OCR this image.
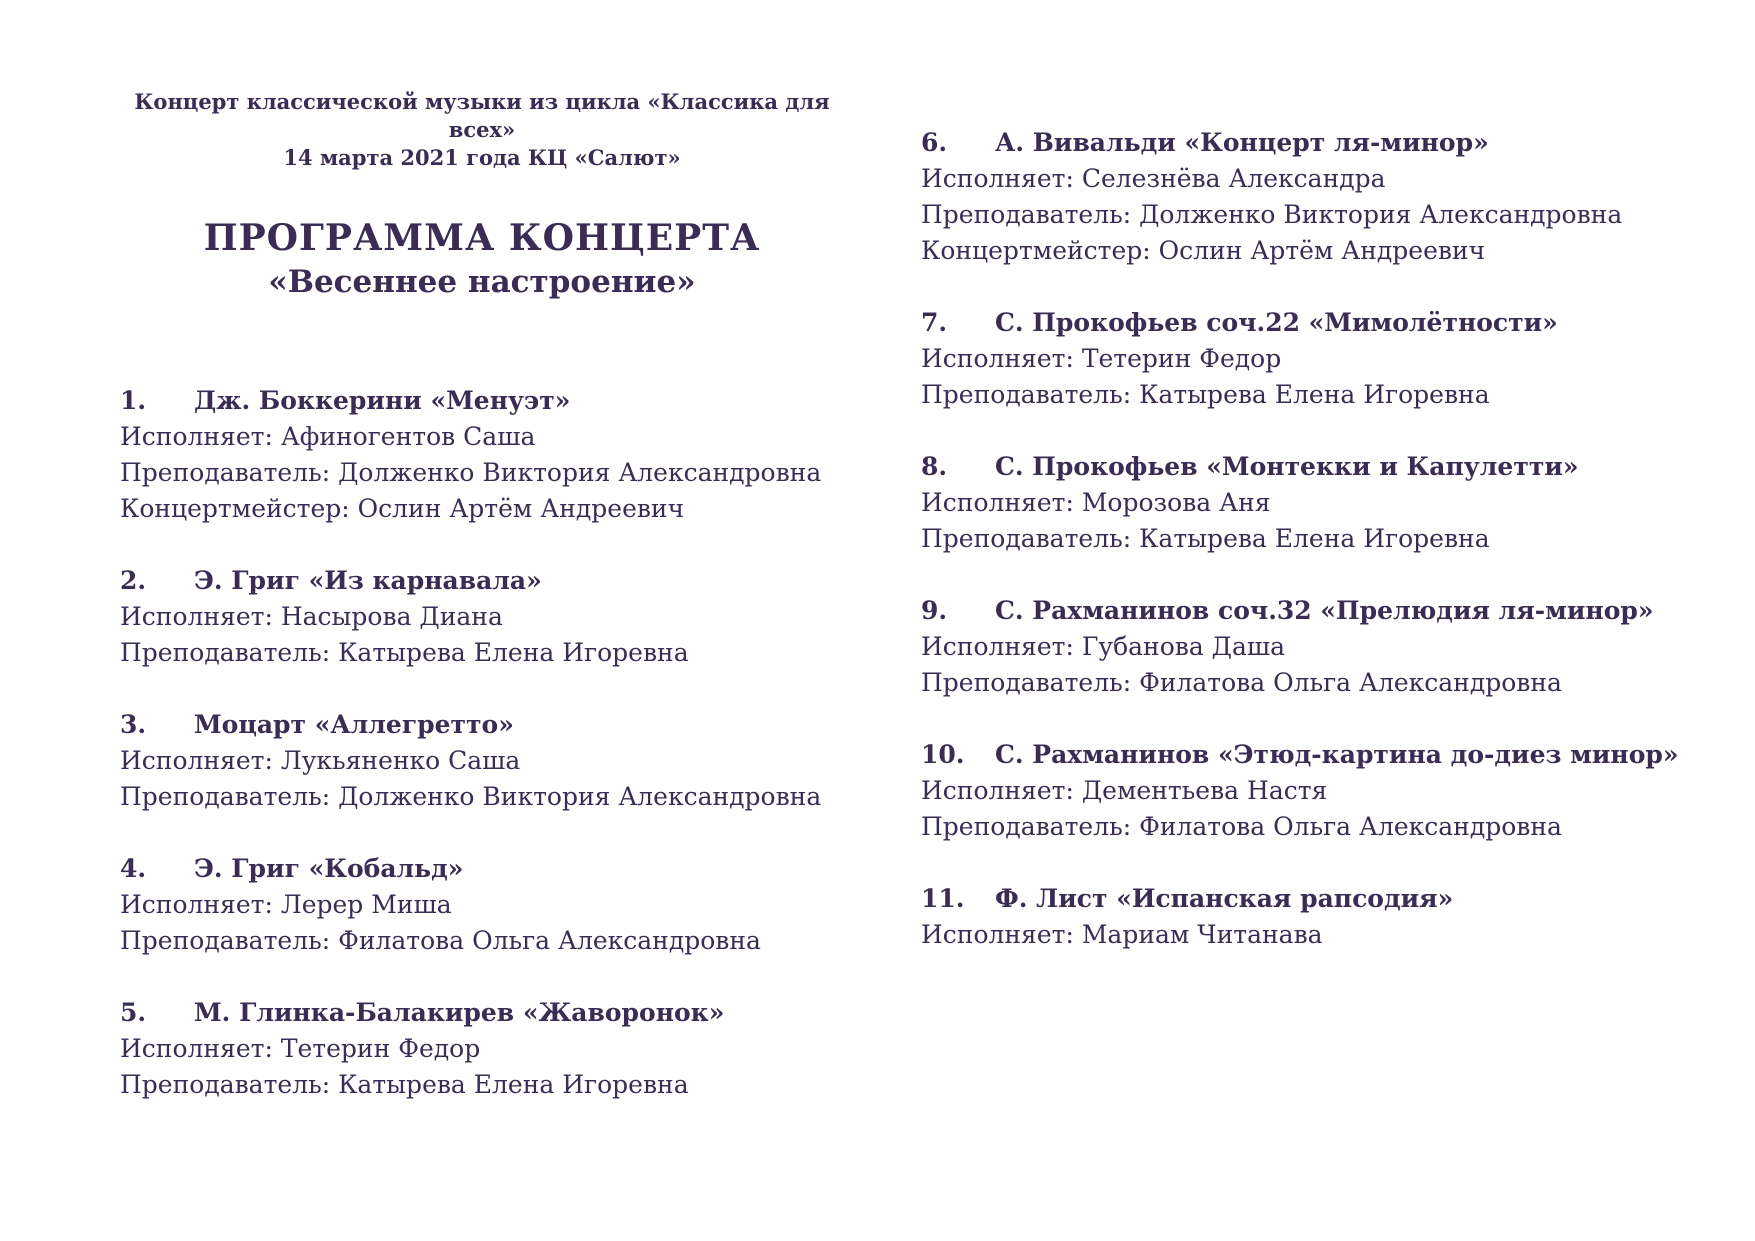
Концерт классической музыки из цикла «Классика для всех»
14 марта 2021 года КЦ «Салют»
ПРОГРАММА КОНЦЕРТА
«Весеннее настроение»
1. Дж. Боккерини «Менуэт»
Исполняет: Афиногентов Саша
Преподаватель: Долженко Виктория Александровна
Концертмейстер: Ослин Артём Андреевич
2. Э. Григ «Из карнавала»
Исполняет: Насырова Диана
Преподаватель: Катырева Елена Игоревна
3. Моцарт «Аллегретто»
Исполняет: Лукьяненко Саша
Преподаватель: Долженко Виктория Александровна
4. Э. Григ «Кобальд»
Исполняет: Лерер Миша
Преподаватель: Филатова Ольга Александровна
5. М. Глинка-Балакирев «Жаворонок»
Исполняет: Тетерин Федор
Преподаватель: Катырева Елена Игоревна
6. А. Вивальди «Концерт ля-минор»
Исполняет: Селезнёва Александра
Преподаватель: Долженко Виктория Александровна
Концертмейстер: Ослин Артём Андреевич
7. С. Прокофьев соч.22 «Мимолётности»
Исполняет: Тетерин Федор
Преподаватель: Катырева Елена Игоревна
8. С. Прокофьев «Монтекки и Капулетти»
Исполняет: Морозова Аня
Преподаватель: Катырева Елена Игоревна
9. С. Рахманинов соч.32 «Прелюдия ля-минор»
Исполняет: Губанова Даша
Преподаватель: Филатова Ольга Александровна
10. С. Рахманинов «Этюд-картина до-диез минор»
Исполняет: Дементьева Настя
Преподаватель: Филатова Ольга Александровна
11. Ф. Лист «Испанская рапсодия»
Исполняет: Мариам Читанава
